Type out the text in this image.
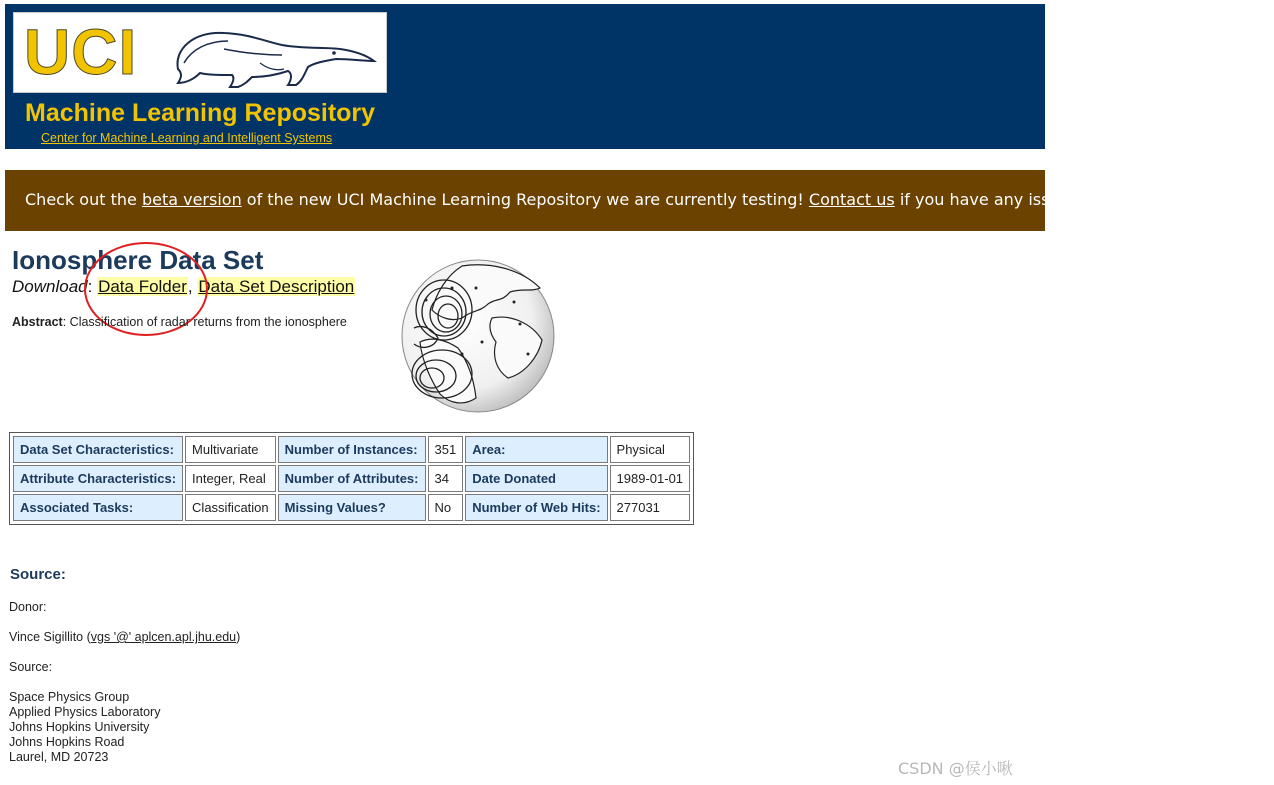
UCI
Machine Learning Repository
Center for Machine Learning and Intelligent Systems
Check out the beta version of the new UCI Machine Learning Repository we are currently testing! Contact us if you have any issues, questions, or concerns.
Ionosphere Data Set
Download: Data Folder, Data Set Description
Abstract: Classification of radar returns from the ionosphere
Data Set Characteristics:	Multivariate	Number of Instances:	351	Area:	Physical
Attribute Characteristics:	Integer, Real	Number of Attributes:	34	Date Donated	1989-01-01
Associated Tasks:	Classification	Missing Values?	No	Number of Web Hits:	277031
Source:
Donor:
Vince Sigillito (vgs '@' aplcen.apl.jhu.edu)
Source:
Space Physics Group
Applied Physics Laboratory
Johns Hopkins University
Johns Hopkins Road
Laurel, MD 20723
CSDN @侯小啾
